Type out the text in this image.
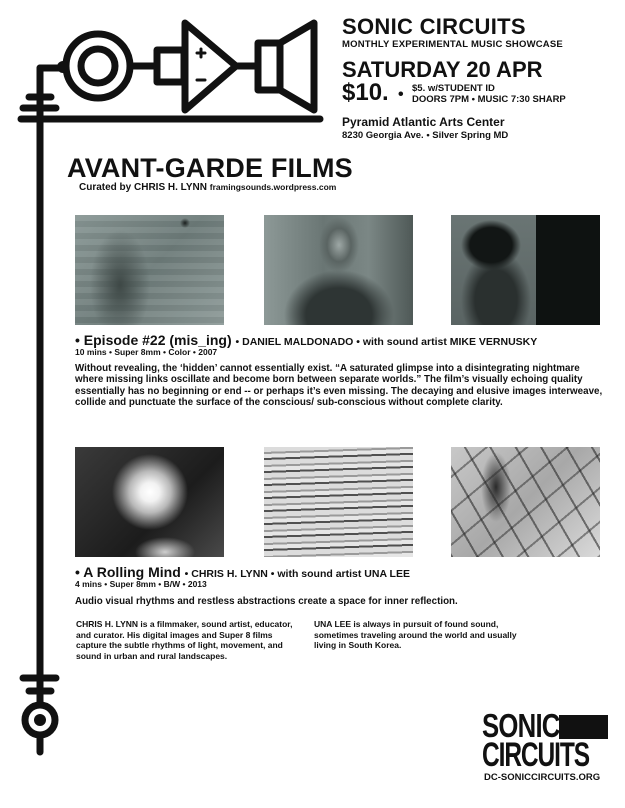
SONIC CIRCUITS
MONTHLY EXPERIMENTAL MUSIC SHOWCASE
SATURDAY 20 APR
$10. • $5. w/STUDENT ID
DOORS 7PM • MUSIC 7:30 SHARP
Pyramid Atlantic Arts Center
8230 Georgia Ave. • Silver Spring MD
AVANT-GARDE FILMS
Curated by CHRIS H. LYNN framingsounds.wordpress.com
• Episode #22 (mis_ing) • DANIEL MALDONADO • with sound artist MIKE VERNUSKY
10 mins • Super 8mm • Color • 2007
Without revealing, the ‘hidden’ cannot essentially exist. “A saturated glimpse into a disintegrating nightmare where missing links oscillate and become born between separate worlds.” The film’s visually echoing quality essentially has no beginning or end -- or perhaps it’s even missing. The decaying and elusive images interweave, collide and punctuate the surface of the conscious/ sub-conscious without complete clarity.
• A Rolling Mind • CHRIS H. LYNN • with sound artist UNA LEE
4 mins • Super 8mm • B/W • 2013
Audio visual rhythms and restless abstractions create a space for inner reflection.
CHRIS H. LYNN is a filmmaker, sound artist, educator, and curator. His digital images and Super 8 films capture the subtle rhythms of light, movement, and sound in urban and rural landscapes.
UNA LEE is always in pursuit of found sound, sometimes traveling around the world and usually living in South Korea.
SONIC
CIRCUITS
DC-SONICCIRCUITS.ORG
